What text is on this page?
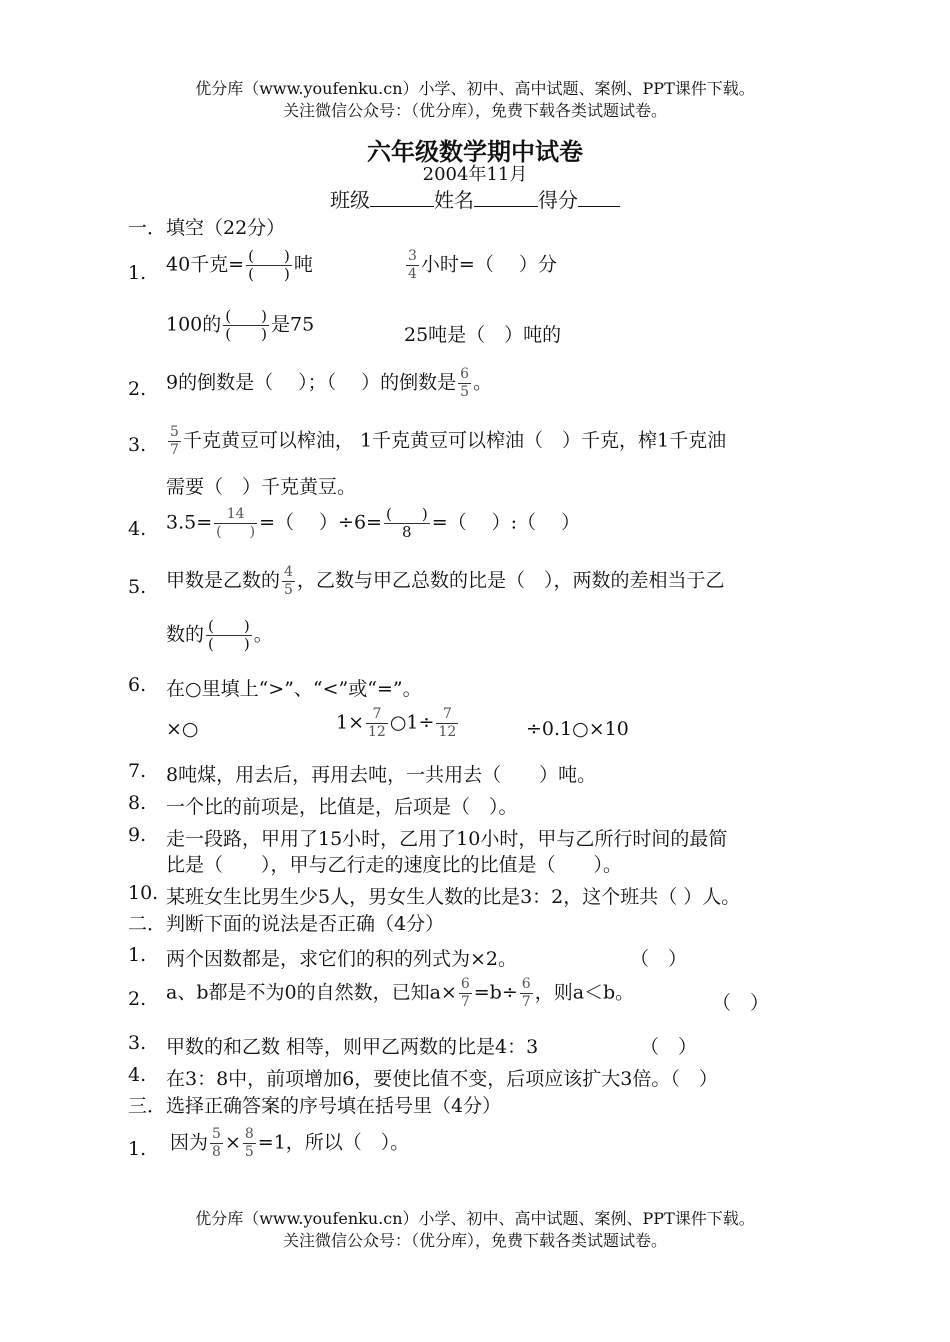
优分库（www.youfenku.cn）小学、初中、高中试题、案例、PPT课件下载。
关注微信公众号：（优分库），免费下载各类试题试卷。
六年级数学期中试卷
2004年11月
班级	姓名	得分
一．填空（22分）
1. 40千克= $\frac{( )}{( )}$ 吨	$\frac{3}{4}$ 小时=（　 ）分
100的 $\frac{( )}{( )}$ 是75	25吨是（　）吨的
2. 9的倒数是（　 ）；（　 ）的倒数是 $\frac{6}{5}$ 。
3. $\frac{5}{7}$ 千克黄豆可以榨油， 1千克黄豆可以榨油（　）千克，榨1千克油
需要（　）千克黄豆。
4. $3.5= \frac{14}{( )}$ =（　 ）$\div 6= \frac{( )}{8}$ =（　 ）:（　 ）
5. 甲数是乙数的 $\frac{4}{5}$ ，乙数与甲乙总数的比是（　），两数的差相当于乙
数的 $\frac{( )}{( )}$ 。
6. 在○里填上“>”、“<”或“=”。
×○	$1\times \frac{7}{12}$ ○1÷ $\frac{7}{12}$	÷0.1○×10
7. 8吨煤，用去后，再用去吨，一共用去（　　）吨。
8. 一个比的前项是，比值是，后项是（　）。
9. 走一段路，甲用了15小时，乙用了10小时，甲与乙所行时间的最简
比是（　　），甲与乙行走的速度比的比值是（　　）。
10. 某班女生比男生少5人，男女生人数的比是3：2，这个班共（ ）人。
二．判断下面的说法是否正确（4分）
1. 两个因数都是，求它们的积的列式为×2。	（　）
2. a、b都是不为0的自然数，已知$a\times \frac{6}{7} =b\div \frac{6}{7}$ ，则a＜b。	（　）
3. 甲数的和乙数 相等，则甲乙两数的比是4：3	（　）
4. 在3：8中，前项增加6，要使比值不变，后项应该扩大3倍。（　）
三．选择正确答案的序号填在括号里（4分）
1. 因为 $\frac{5}{8} \times \frac{8}{5} =1$，所以（　）。
优分库（www.youfenku.cn）小学、初中、高中试题、案例、PPT课件下载。
关注微信公众号：（优分库），免费下载各类试题试卷。
